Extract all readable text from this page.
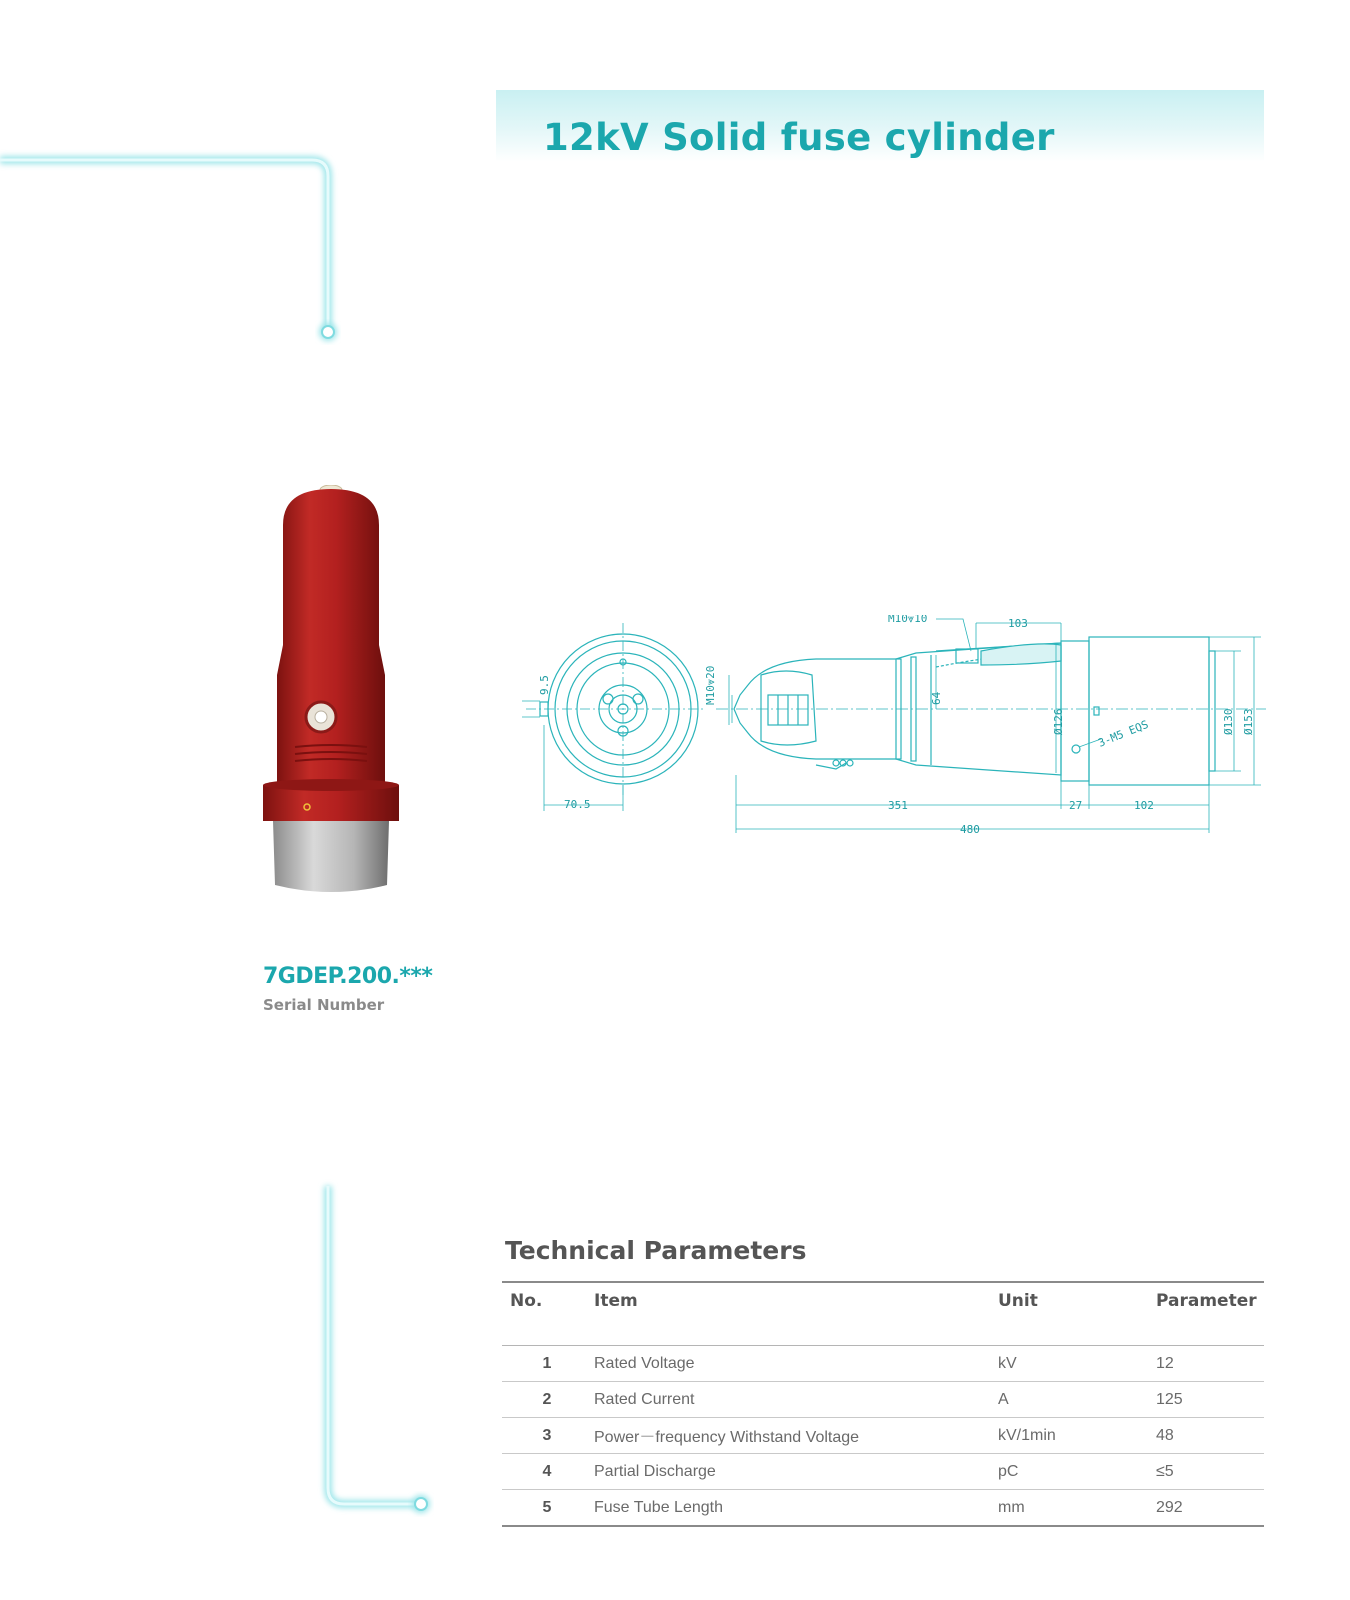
12kV Solid fuse cylinder
7GDEP.200.***
Serial Number
9.5
70.5
M10⩔20
M10⩔10	103
64
Ø126	3-M5 EQS	Ø130 Ø153
351	27	102
480
Technical Parameters
No.	Item	Unit	Parameter
1	Rated Voltage	kV	12
2	Rated Current	A	125
3	Power－frequency Withstand Voltage	kV/1min	48
4	Partial Discharge	pC	≤5
5	Fuse Tube Length	mm	292
